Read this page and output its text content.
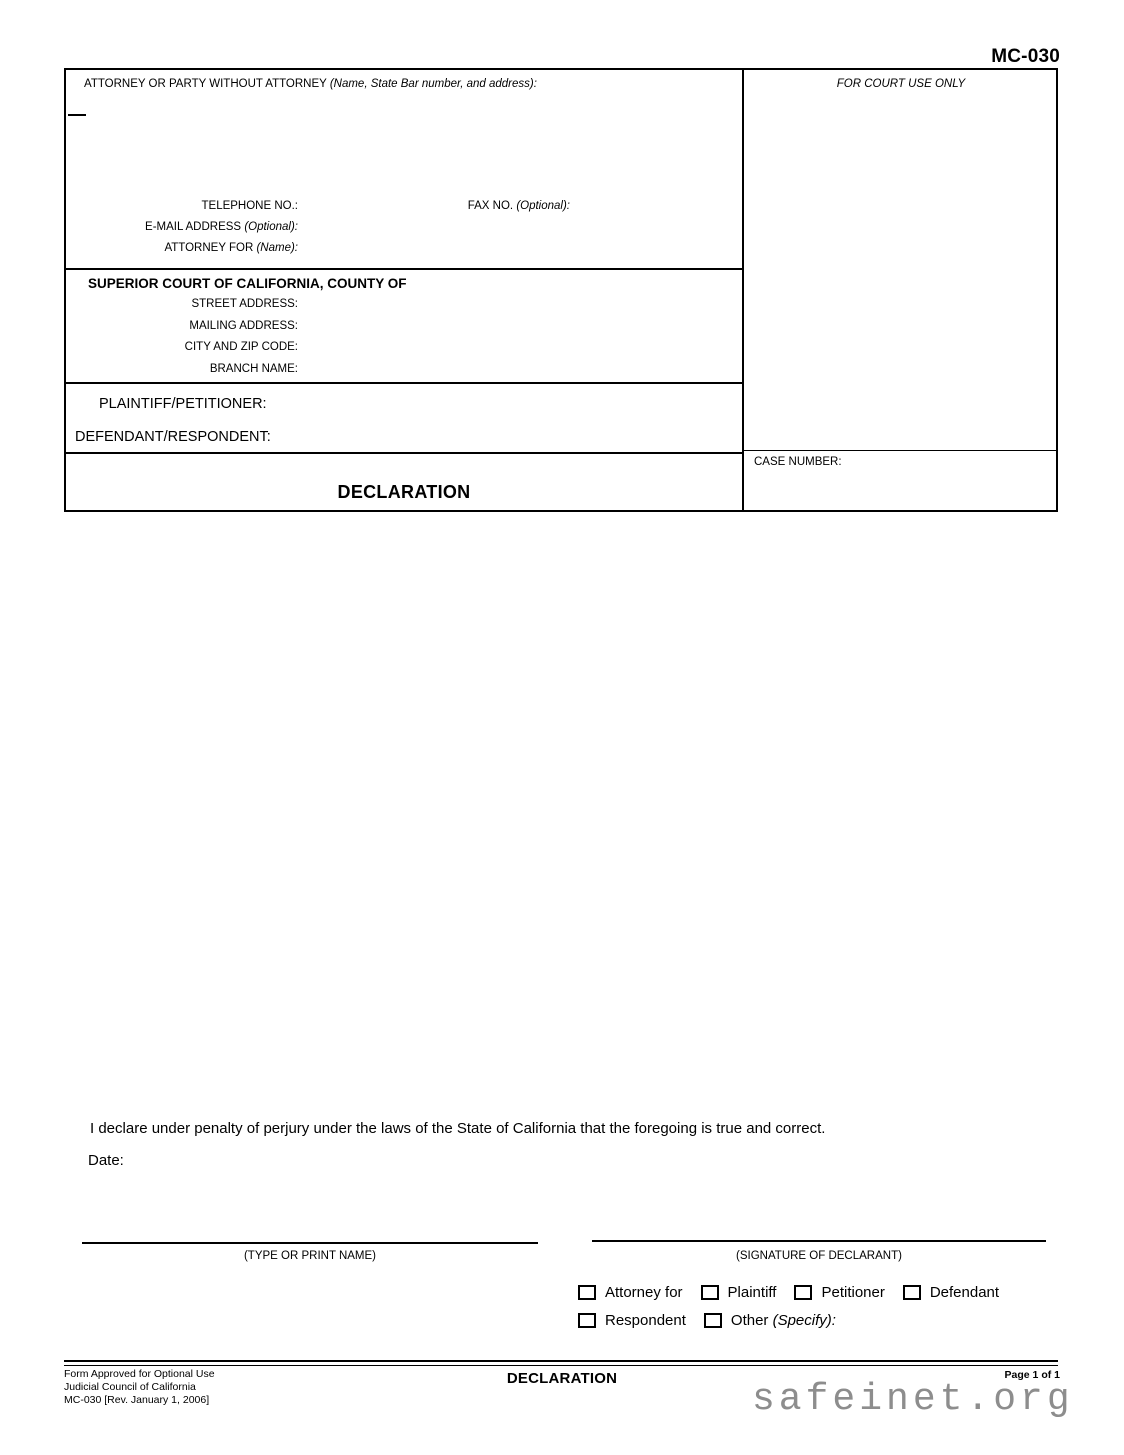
MC-030
ATTORNEY OR PARTY WITHOUT ATTORNEY (Name, State Bar number, and address):
TELEPHONE NO.:	FAX NO. (Optional):
E-MAIL ADDRESS (Optional):
ATTORNEY FOR (Name):
SUPERIOR COURT OF CALIFORNIA, COUNTY OF
STREET ADDRESS:
MAILING ADDRESS:
CITY AND ZIP CODE:
BRANCH NAME:
PLAINTIFF/PETITIONER:
DEFENDANT/RESPONDENT:
DECLARATION
FOR COURT USE ONLY
CASE NUMBER:
I declare under penalty of perjury under the laws of the State of California that the foregoing is true and correct.
Date:
(TYPE OR PRINT NAME)	(SIGNATURE OF DECLARANT)
Attorney for	Plaintiff	Petitioner	Defendant
Respondent	Other (Specify):
Form Approved for Optional Use
Judicial Council of California
MC-030 [Rev. January 1, 2006]
DECLARATION	Page 1 of 1
safeinet.org
